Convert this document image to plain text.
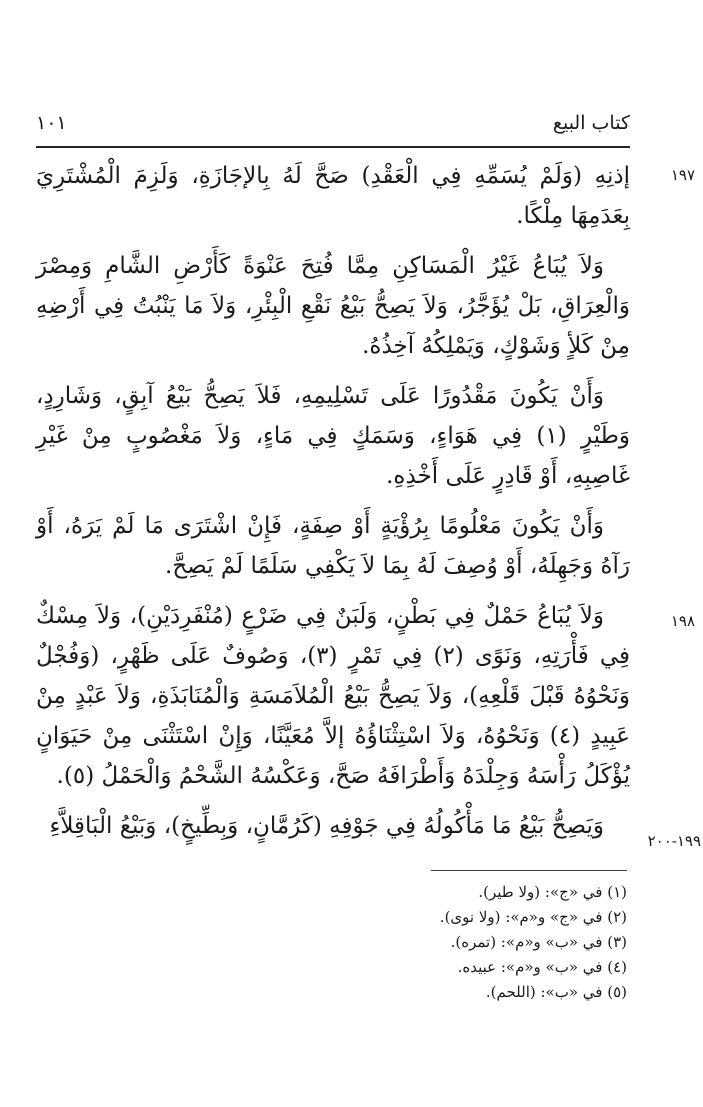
كتاب البيع
١٠١
١٩٧
١٩٨
١٩٩-٢٠٠

إذنِهِ (وَلَمْ يُسَمِّهِ فِي الْعَقْدِ) صَحَّ لَهُ بِالإجَازَةِ، وَلَزِمَ الْمُشْتَرِيَ بِعَدَمِهَا مِلْكًا.

وَلاَ يُبَاعُ غَيْرُ الْمَسَاكِنِ مِمَّا فُتِحَ عَنْوَةً كَأَرْضِ الشَّامِ وَمِصْرَ وَالْعِرَاقِ، بَلْ يُؤَجَّرُ، وَلاَ يَصِحُّ بَيْعُ نَقْعِ الْبِئْرِ، وَلاَ مَا يَنْبُتُ فِي أَرْضِهِ مِنْ كَلأٍ وَشَوْكٍ، وَيَمْلِكُهُ آخِذُهُ.

وَأَنْ يَكُونَ مَقْدُورًا عَلَى تَسْلِيمِهِ، فَلاَ يَصِحُّ بَيْعُ آبِقٍ، وَشَارِدٍ، وَطَيْرٍ (١) فِي هَوَاءٍ، وَسَمَكٍ فِي مَاءٍ، وَلاَ مَغْصُوبٍ مِنْ غَيْرِ غَاصِبِهِ، أَوْ قَادِرٍ عَلَى أَخْذِهِ.

وَأَنْ يَكُونَ مَعْلُومًا بِرُؤْيَةٍ أَوْ صِفَةٍ، فَإِنْ اشْتَرَى مَا لَمْ يَرَهُ، أَوْ رَآهُ وَجَهِلَهُ، أَوْ وُصِفَ لَهُ بِمَا لاَ يَكْفِي سَلَمًا لَمْ يَصِحَّ.

وَلاَ يُبَاعُ حَمْلٌ فِي بَطْنٍ، وَلَبَنٌ فِي ضَرْعٍ (مُنْفَرِدَيْنِ)، وَلاَ مِسْكٌ فِي فَأْرَتِهِ، وَنَوًى (٢) فِي تَمْرٍ (٣)، وَصُوفٌ عَلَى ظَهْرٍ، (وَفُجْلٌ وَنَحْوُهُ قَبْلَ قَلْعِهِ)، وَلاَ يَصِحُّ بَيْعُ الْمُلاَمَسَةِ وَالْمُنَابَذَةِ، وَلاَ عَبْدٍ مِنْ عَبِيدٍ (٤) وَنَحْوُهُ، وَلاَ اسْتِثْنَاؤُهُ إلاَّ مُعَيَّنًا، وَإِنْ اسْتَثْنَى مِنْ حَيَوَانٍ يُؤْكَلُ رَأْسَهُ وَجِلْدَهُ وَأَطْرَافَهُ صَحَّ، وَعَكْسُهُ الشَّحْمُ وَالْحَمْلُ (٥).

وَيَصِحُّ بَيْعُ مَا مَأْكُولُهُ فِي جَوْفِهِ (كَرُمَّانٍ، وَبِطِّيخٍ)، وَبَيْعُ الْبَاقِلاَّءِ

(١) في «ج»: (ولا طير).

(٢) في «ج» و«م»: (ولا نوى).

(٣) في «ب» و«م»: (تمره).

(٤) في «ب» و«م»: عبيده.

(٥) في «ب»: (اللحم).
